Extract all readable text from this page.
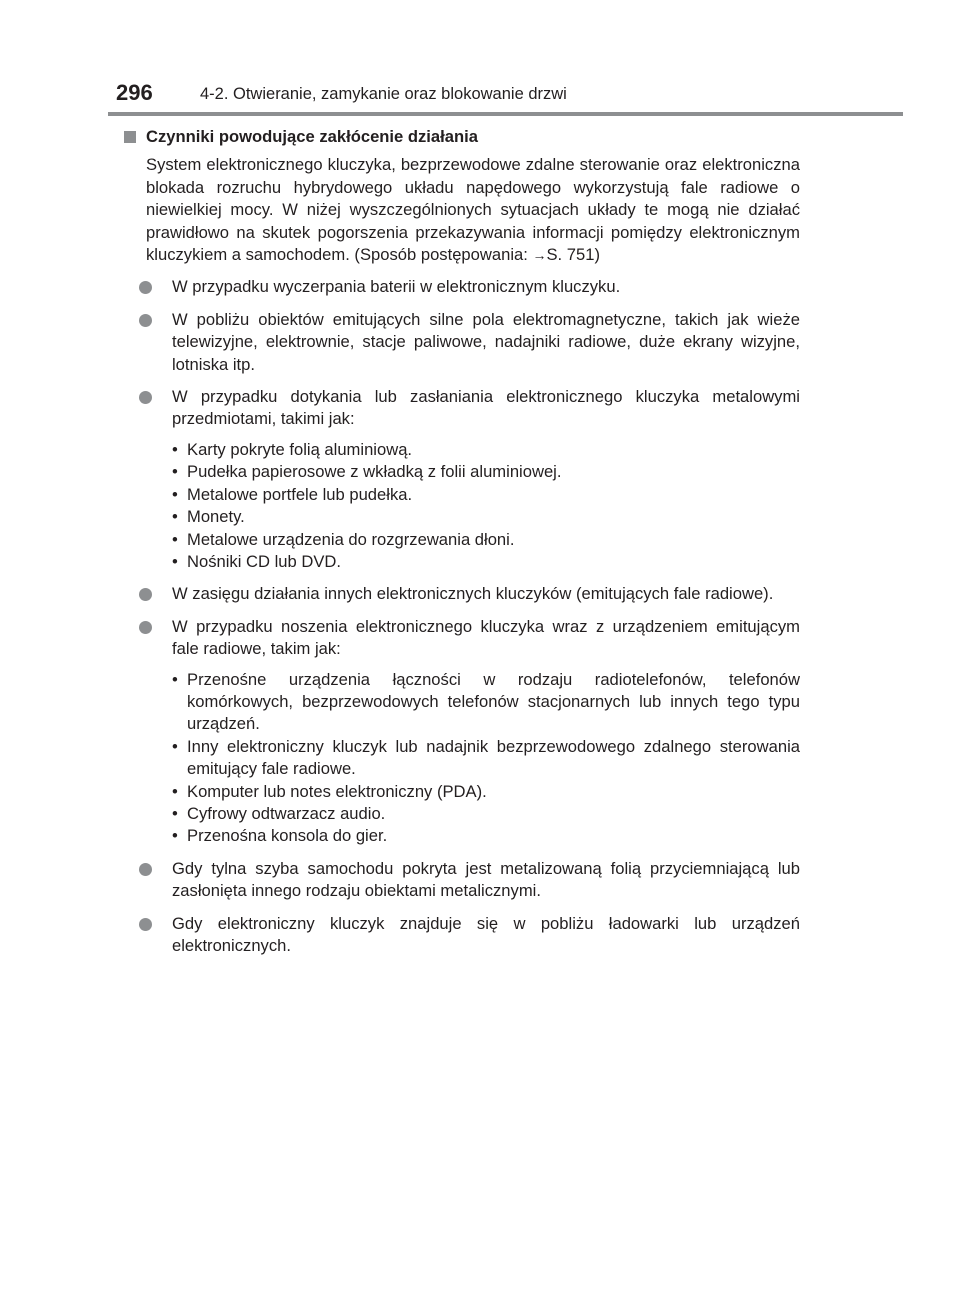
296	4-2. Otwieranie, zamykanie oraz blokowanie drzwi
Czynniki powodujące zakłócenie działania

System elektronicznego kluczyka, bezprzewodowe zdalne sterowanie oraz elektroniczna blokada rozruchu hybrydowego układu napędowego wykorzystują fale radiowe o niewielkiej mocy. W niżej wyszczególnionych sytuacjach układy te mogą nie działać prawidłowo na skutek pogorszenia przekazywania informacji pomiędzy elektronicznym kluczykiem a samochodem. (Sposób postępowania: →S. 751)

W przypadku wyczerpania baterii w elektronicznym kluczyku.
W pobliżu obiektów emitujących silne pola elektromagnetyczne, takich jak wieże telewizyjne, elektrownie, stacje paliwowe, nadajniki radiowe, duże ekrany wizyjne, lotniska itp.
W przypadku dotykania lub zasłaniania elektronicznego kluczyka metalowymi przedmiotami, takimi jak:
• Karty pokryte folią aluminiową.
• Pudełka papierosowe z wkładką z folii aluminiowej.
• Metalowe portfele lub pudełka.
• Monety.
• Metalowe urządzenia do rozgrzewania dłoni.
• Nośniki CD lub DVD.
W zasięgu działania innych elektronicznych kluczyków (emitujących fale radiowe).
W przypadku noszenia elektronicznego kluczyka wraz z urządzeniem emitującym fale radiowe, takim jak:
• Przenośne urządzenia łączności w rodzaju radiotelefonów, telefonów komórkowych, bezprzewodowych telefonów stacjonarnych lub innych tego typu urządzeń.
• Inny elektroniczny kluczyk lub nadajnik bezprzewodowego zdalnego sterowania emitujący fale radiowe.
• Komputer lub notes elektroniczny (PDA).
• Cyfrowy odtwarzacz audio.
• Przenośna konsola do gier.
Gdy tylna szyba samochodu pokryta jest metalizowaną folią przyciemniającą lub zasłonięta innego rodzaju obiektami metalicznymi.
Gdy elektroniczny kluczyk znajduje się w pobliżu ładowarki lub urządzeń elektronicznych.
